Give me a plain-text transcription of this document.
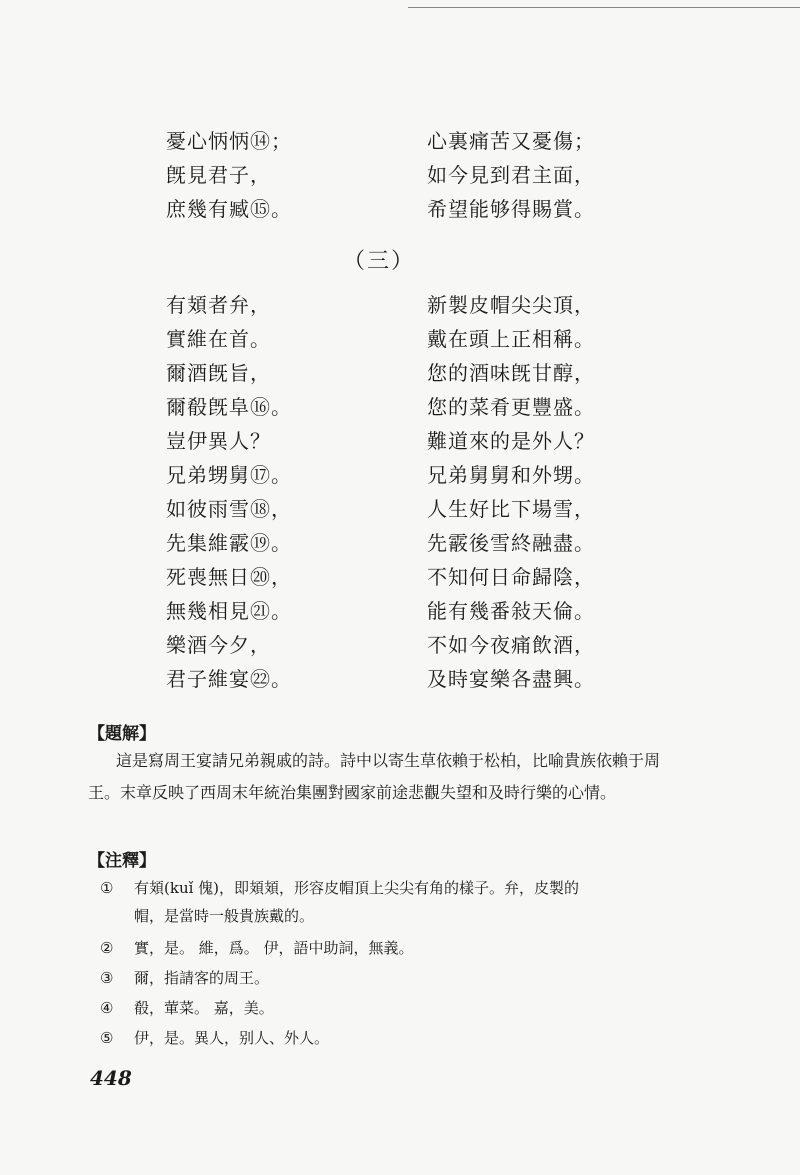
憂心怲怲⑭；
旣見君子，
庶幾有臧⑮。
心裏痛苦又憂傷；
如今見到君主面，
希望能够得賜賞。
（三）
有頍者弁，
實維在首。
爾酒旣旨，
爾殽旣阜⑯。
豈伊異人？
兄弟甥舅⑰。
如彼雨雪⑱，
先集維霰⑲。
死喪無日⑳，
無幾相見㉑。
樂酒今夕，
君子維宴㉒。
新製皮帽尖尖頂，
戴在頭上正相稱。
您的酒味旣甘醇，
您的菜肴更豐盛。
難道來的是外人？
兄弟舅舅和外甥。
人生好比下場雪，
先霰後雪終融盡。
不知何日命歸陰，
能有幾番敍天倫。
不如今夜痛飲酒，
及時宴樂各盡興。
【題解】
這是寫周王宴請兄弟親戚的詩。詩中以寄生草依賴于松柏，比喻貴族依賴于周王。末章反映了西周末年統治集團對國家前途悲觀失望和及時行樂的心情。
【注釋】
① 有頍(kuǐ 傀)，即頍頍，形容皮帽頂上尖尖有角的樣子。弁，皮製的
帽，是當時一般貴族戴的。
② 實，是。 維，爲。 伊，語中助詞，無義。
③ 爾，指請客的周王。
④ 殽，葷菜。 嘉，美。
⑤ 伊，是。異人，别人、外人。
448
